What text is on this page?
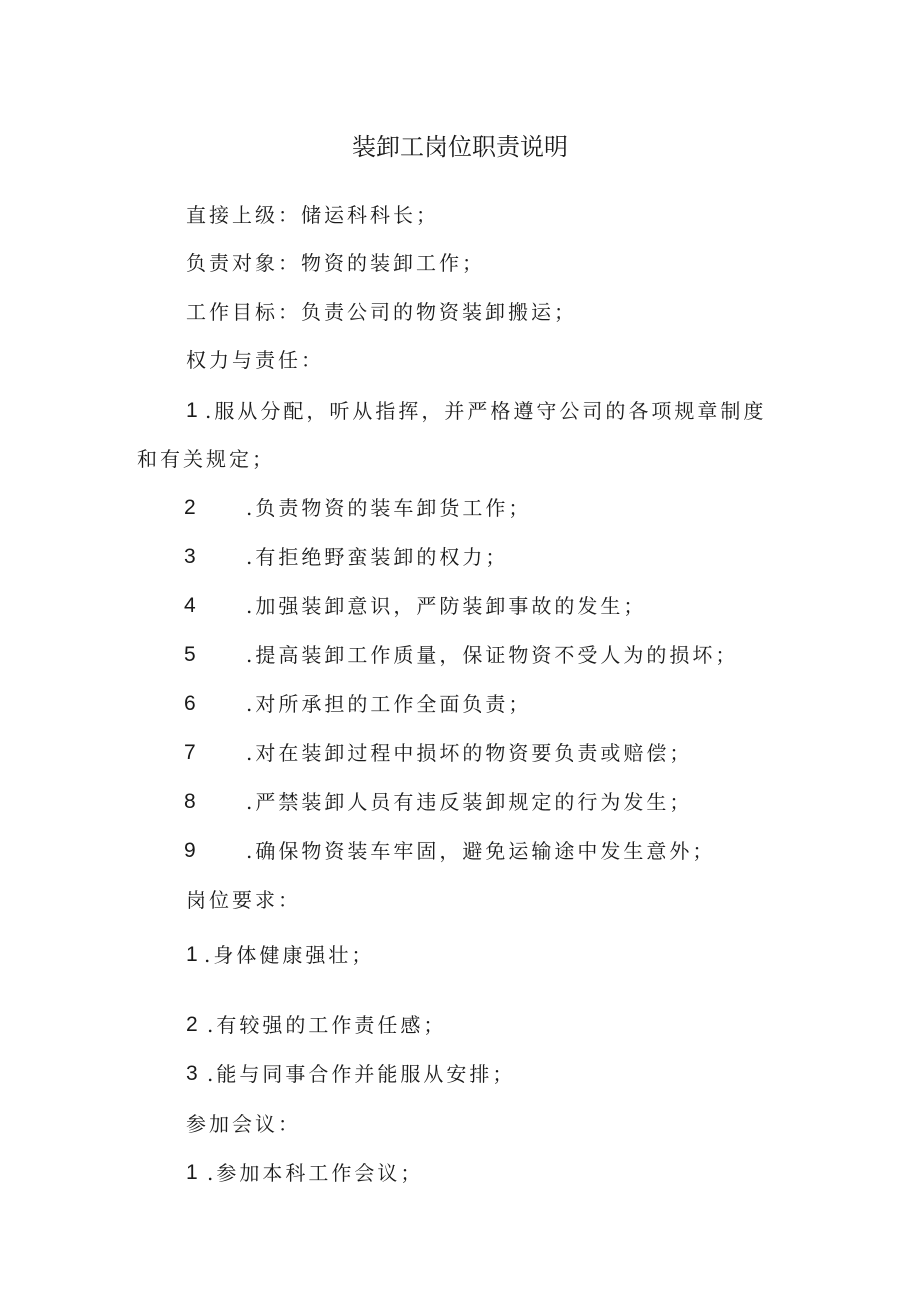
装卸工岗位职责说明
直接上级：储运科科长；
负责对象：物资的装卸工作；
工作目标：负责公司的物资装卸搬运；
权力与责任：
1 .服从分配，听从指挥，并严格遵守公司的各项规章制度
和有关规定；
2	.负责物资的装车卸货工作；
3	.有拒绝野蛮装卸的权力；
4	.加强装卸意识，严防装卸事故的发生；
5	.提高装卸工作质量，保证物资不受人为的损坏；
6	.对所承担的工作全面负责；
7	.对在装卸过程中损坏的物资要负责或赔偿；
8	.严禁装卸人员有违反装卸规定的行为发生；
9	.确保物资装车牢固，避免运输途中发生意外；
岗位要求：
1 .身体健康强壮；
2 .有较强的工作责任感；
3 .能与同事合作并能服从安排；
参加会议：
1 .参加本科工作会议；
